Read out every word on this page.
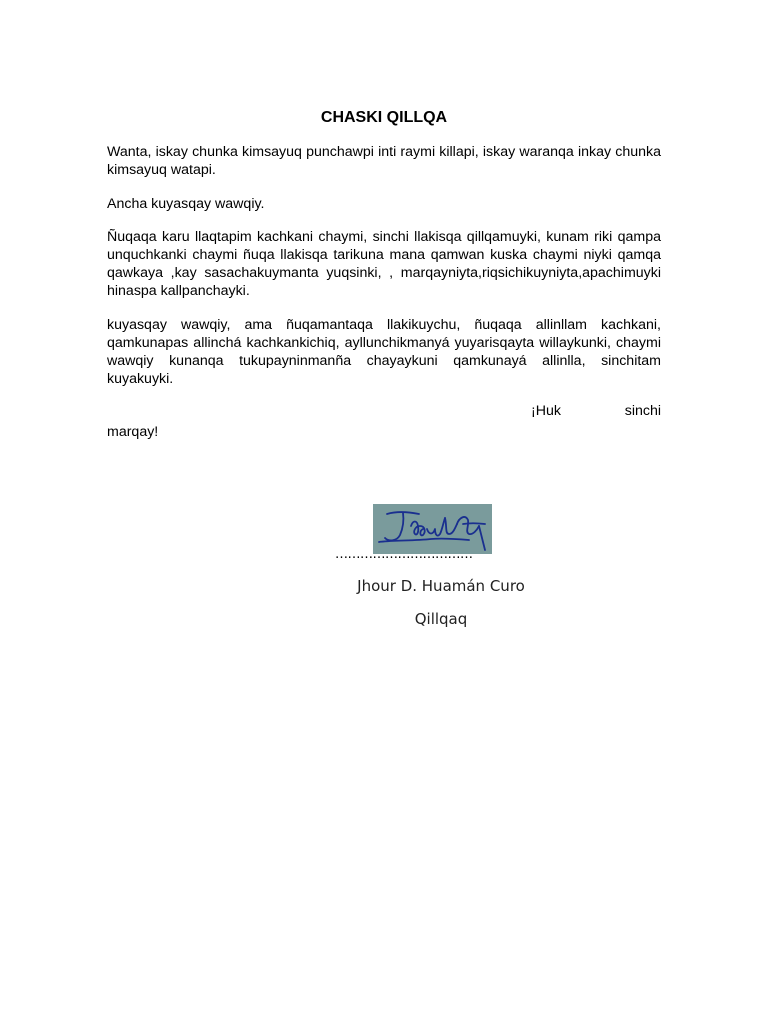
CHASKI QILLQA

Wanta, iskay chunka kimsayuq punchawpi inti raymi killapi, iskay waranqa inkay chunka kimsayuq watapi.

Ancha kuyasqay wawqiy.

Ñuqaqa karu llaqtapim kachkani chaymi, sinchi llakisqa qillqamuyki, kunam riki qampa unquchkanki chaymi ñuqa llakisqa tarikuna mana qamwan kuska chaymi niyki qamqa qawkaya ,kay sasachakuymanta yuqsinki, , marqayniyta,riqsichikuyniyta,apachimuyki hinaspa kallpanchayki.

kuyasqay wawqiy, ama ñuqamantaqa llakikuychu, ñuqaqa allinllam kachkani, qamkunapas allinchá kachkankichiq, ayllunchikmanyá yuyarisqayta willaykunki, chaymi wawqiy kunanqa tukupayninmanña chayaykuni qamkunayá allinlla, sinchitam kuyakuyki.

¡Huk	sinchi
marqay!
……………………………
Jhour D. Huamán Curo
Qillqaq
